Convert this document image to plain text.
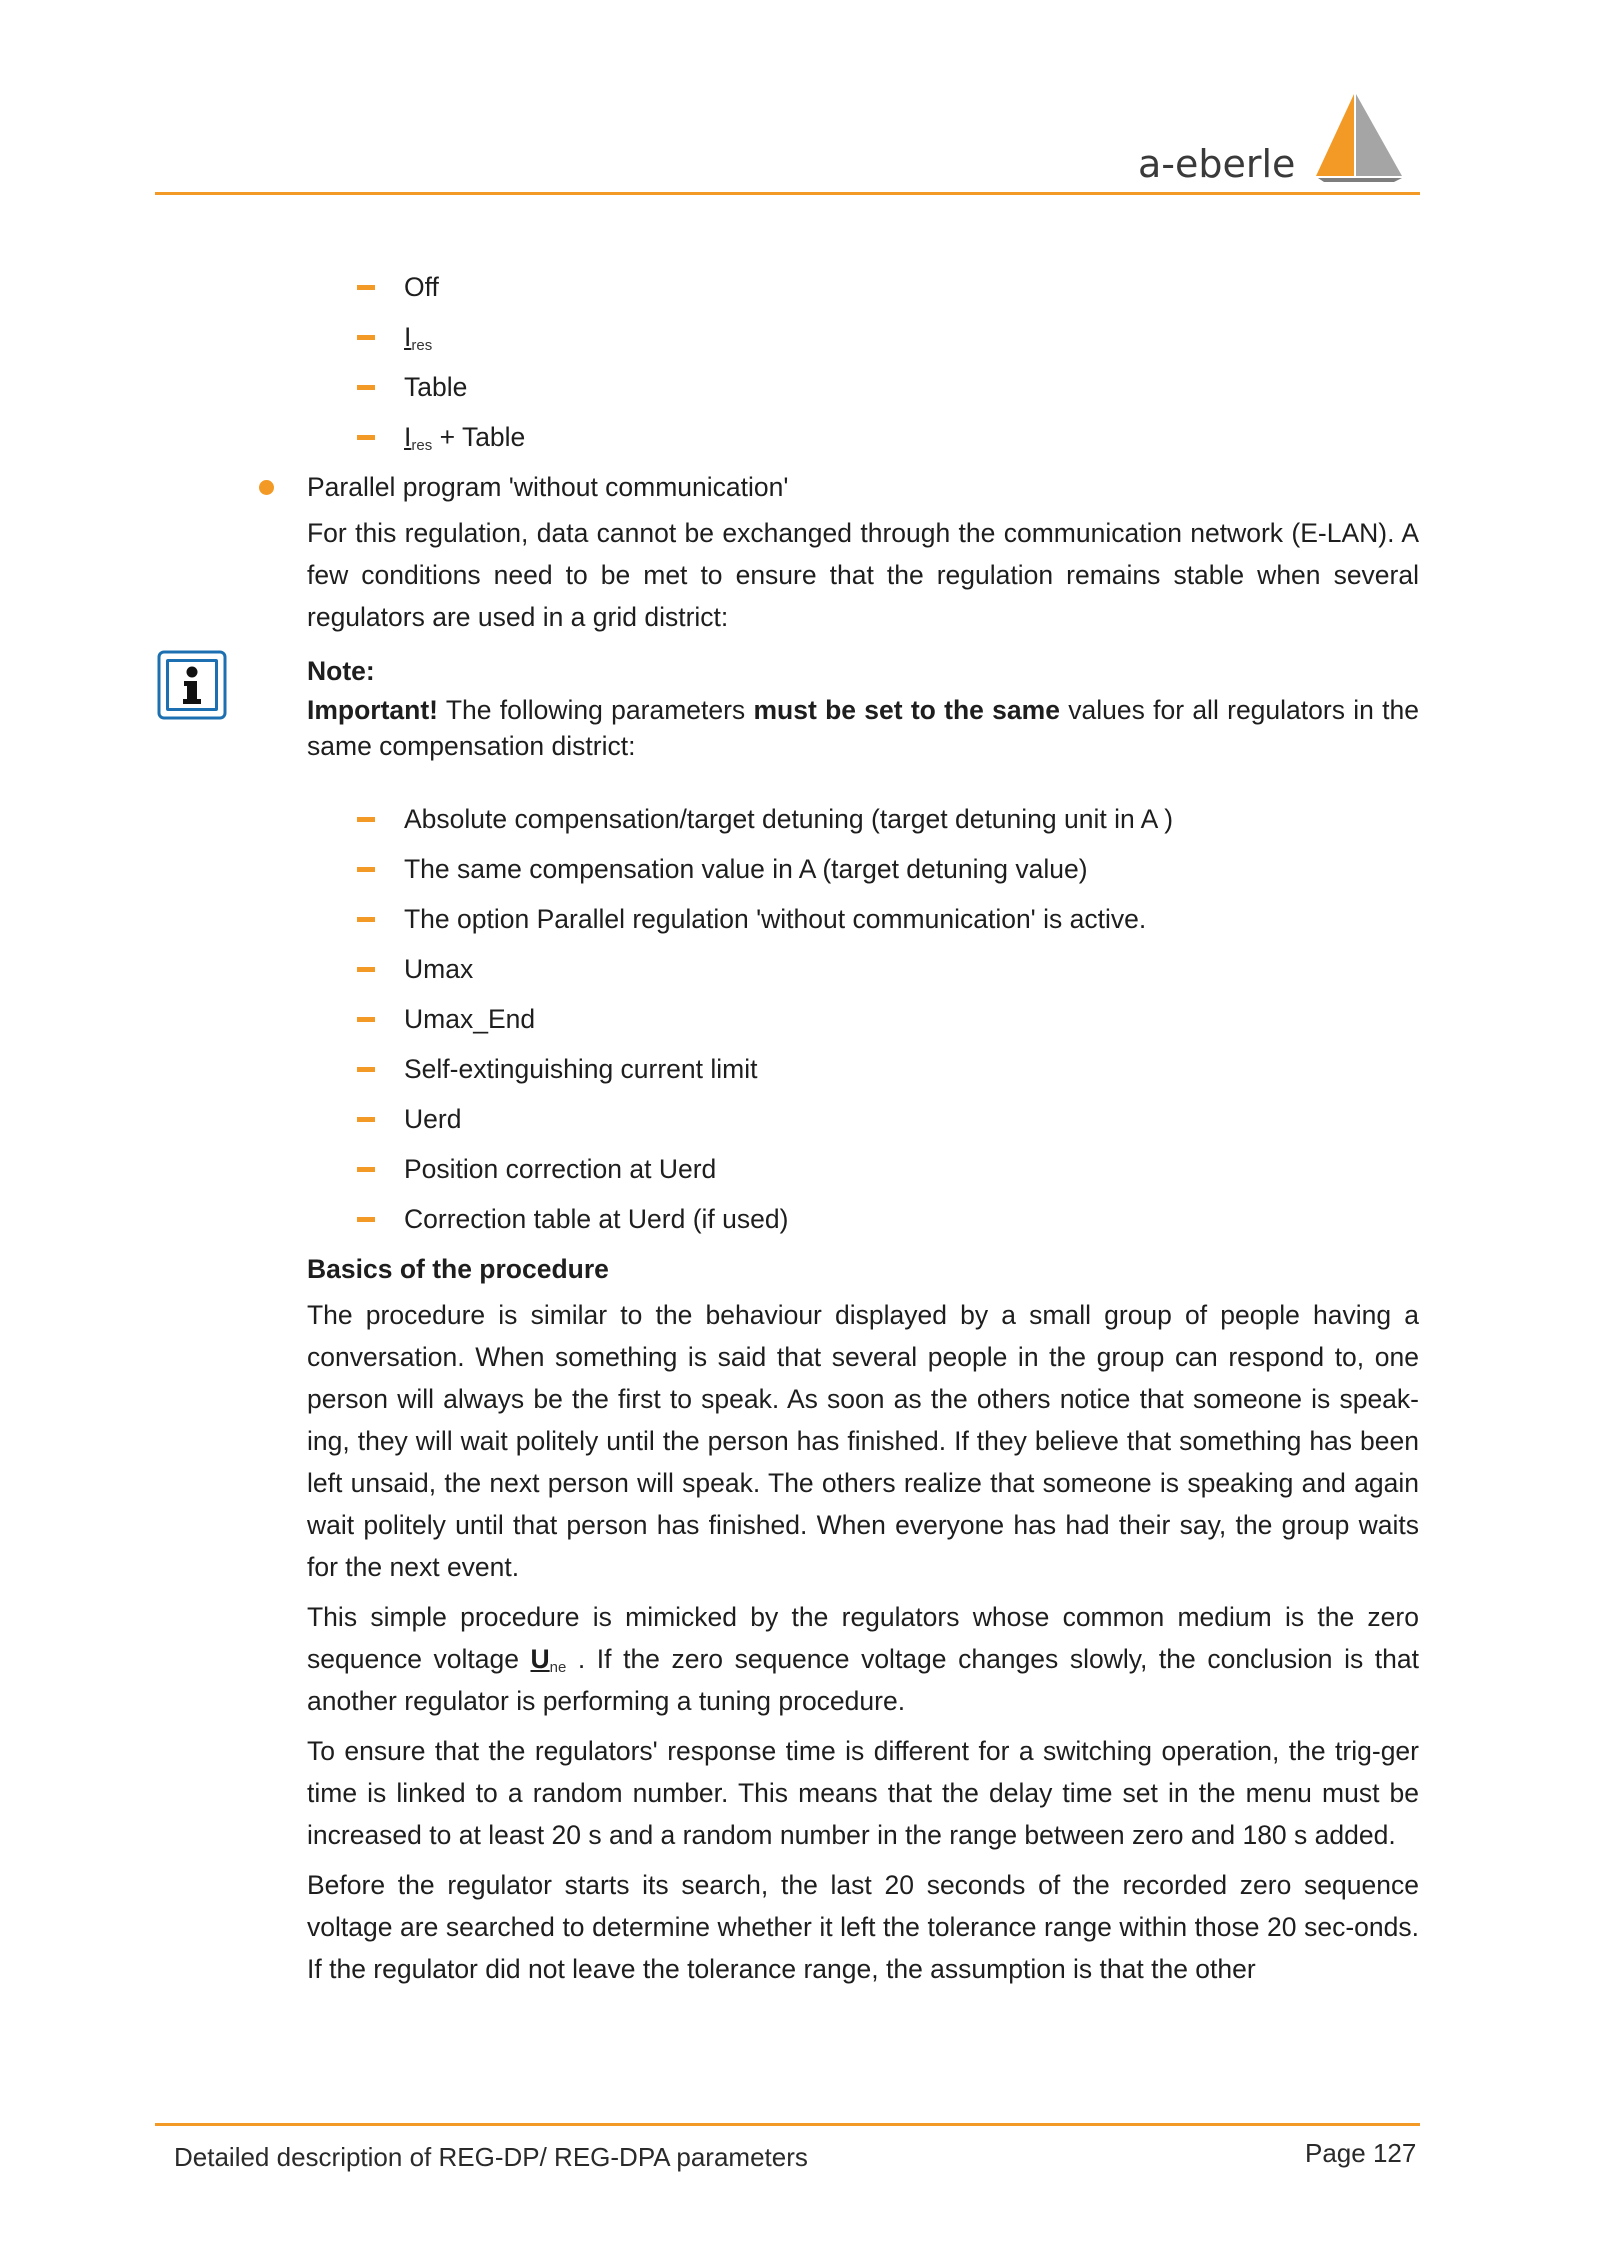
a-eberle
Off
$I_{res}$
Table
$I_{res}$ + Table
Parallel program 'without communication'

For this regulation, data cannot be exchanged through the communication network (E-LAN). A few conditions need to be met to ensure that the regulation remains stable when several regulators are used in a grid district:

Note:

Important! The following parameters must be set to the same values for all regulators in the same compensation district:

Absolute compensation/target detuning (target detuning unit in A )
The same compensation value in A (target detuning value)
The option Parallel regulation 'without communication' is active.
Umax
Umax_End
Self-extinguishing current limit
Uerd
Position correction at Uerd
Correction table at Uerd (if used)

Basics of the procedure

The procedure is similar to the behaviour displayed by a small group of people having a conversation. When something is said that several people in the group can respond to, one person will always be the first to speak. As soon as the others notice that someone is speak-ing, they will wait politely until the person has finished. If they believe that something has been left unsaid, the next person will speak. The others realize that someone is speaking and again wait politely until that person has finished. When everyone has had their say, the group waits for the next event.

This simple procedure is mimicked by the regulators whose common medium is the zero sequence voltage $U_{ne}$ . If the zero sequence voltage changes slowly, the conclusion is that another regulator is performing a tuning procedure.

To ensure that the regulators' response time is different for a switching operation, the trig-ger time is linked to a random number. This means that the delay time set in the menu must be increased to at least 20 s and a random number in the range between zero and 180 s added.

Before the regulator starts its search, the last 20 seconds of the recorded zero sequence voltage are searched to determine whether it left the tolerance range within those 20 sec-onds. If the regulator did not leave the tolerance range, the assumption is that the other

Detailed description of REG-DP/ REG-DPA parameters	Page 127
